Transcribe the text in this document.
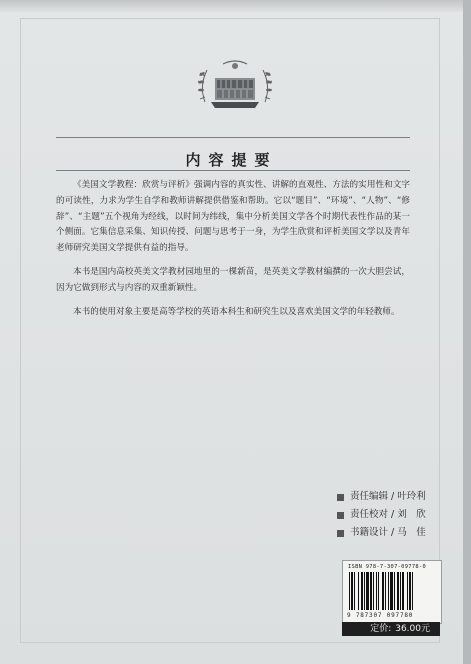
内容提要

《美国文学教程：欣赏与评析》强调内容的真实性、讲解的直观性、方法的实用性和文字的可读性，力求为学生自学和教师讲解提供借鉴和帮助。它以“题目”、“环境”、“人物”、“修辞”、“主题”五个视角为经线，以时间为纬线，集中分析美国文学各个时期代表性作品的某一个侧面。它集信息采集、知识传授、问题与思考于一身，为学生欣赏和评析美国文学以及青年老师研究美国文学提供有益的指导。

本书是国内高校英美文学教材园地里的一棵新苗，是英美文学教材编撰的一次大胆尝试，因为它做到形式与内容的双重新颖性。

本书的使用对象主要是高等学校的英语本科生和研究生以及喜欢美国文学的年轻教师。

责任编辑 / 叶玲利
责任校对 / 刘　欣
书籍设计 / 马　佳
ISBN 978-7-307-09778-0
9 787307 097780
定价: 36.00元
